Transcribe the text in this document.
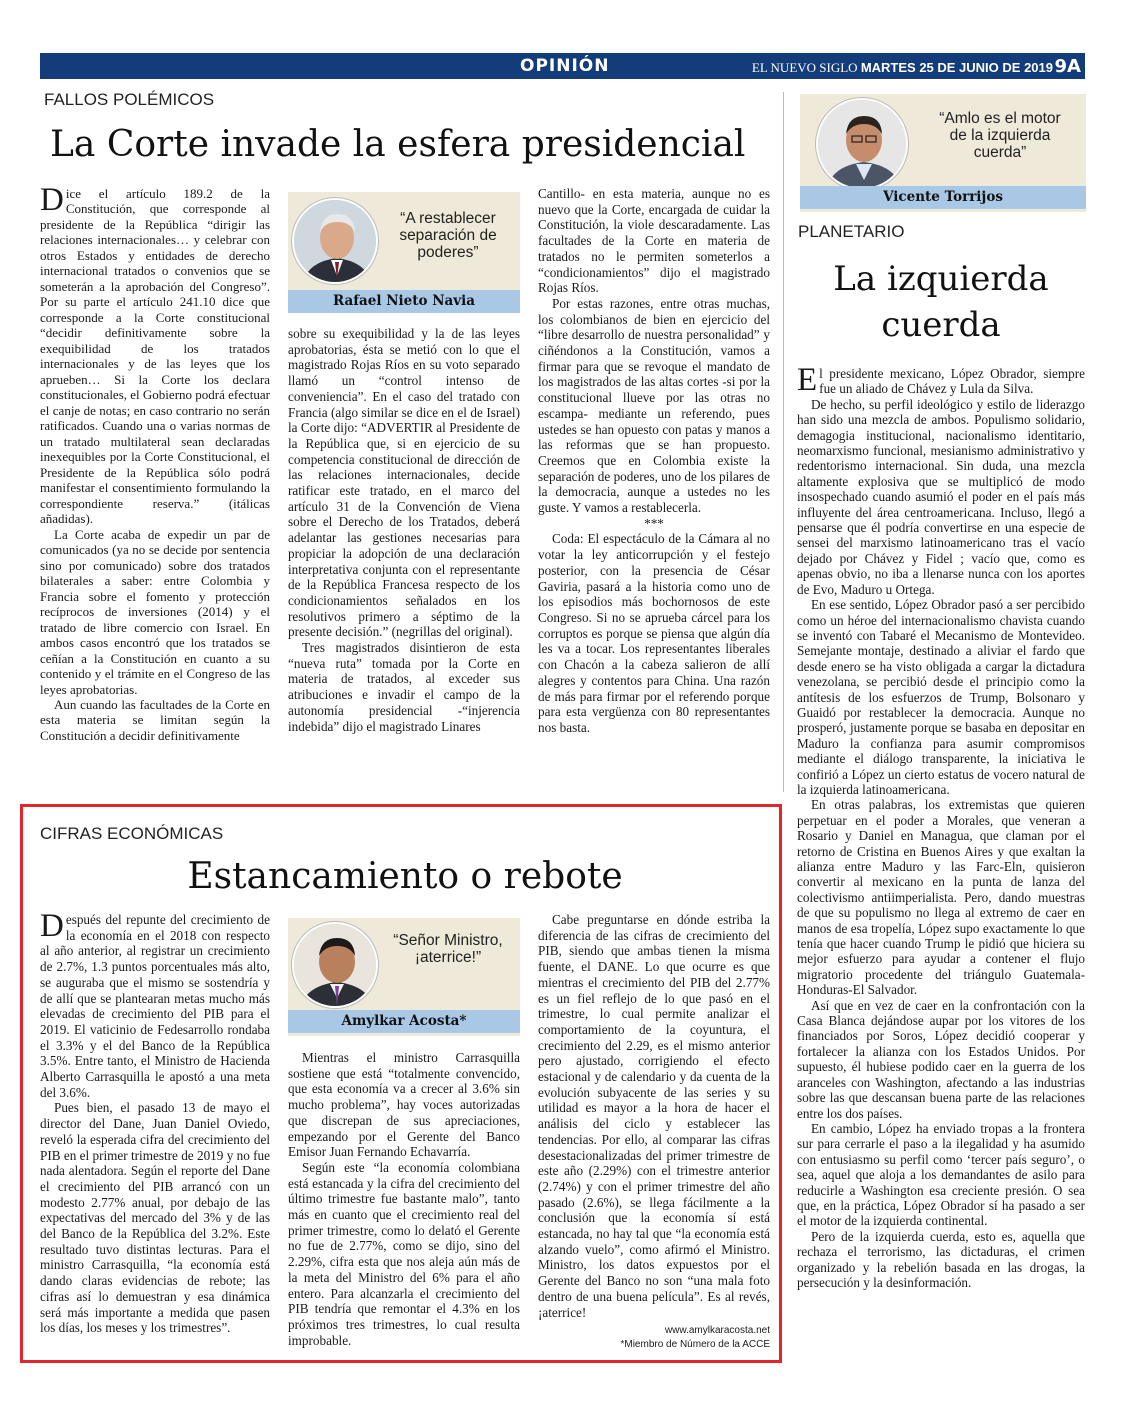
OPINIÓN	EL NUEVO SIGLO MARTES 25 DE JUNIO DE 2019 9A
FALLOS POLÉMICOS
La Corte invade la esfera presidencial

Dice el artículo 189.2 de la Constitución, que corresponde al presidente de la República “dirigir las relaciones internacionales… y celebrar con otros Estados y entidades de derecho internacional tratados o convenios que se someterán a la aprobación del Congreso”. Por su parte el artículo 241.10 dice que corresponde a la Corte constitucional “decidir definitivamente sobre la exequibilidad de los tratados internacionales y de las leyes que los aprueben… Si la Corte los declara constitucionales, el Gobierno podrá efectuar el canje de notas; en caso contrario no serán ratificados. Cuando una o varias normas de un tratado multilateral sean declaradas inexequibles por la Corte Constitucional, el Presidente de la República sólo podrá manifestar el consentimiento formulando la correspondiente reserva.” (itálicas añadidas).

La Corte acaba de expedir un par de comunicados (ya no se decide por sentencia sino por comunicado) sobre dos tratados bilaterales a saber: entre Colombia y Francia sobre el fomento y protección recíprocos de inversiones (2014) y el tratado de libre comercio con Israel. En ambos casos encontró que los tratados se ceñían a la Constitución en cuanto a su contenido y el trámite en el Congreso de las leyes aprobatorias.

Aun cuando las facultades de la Corte en esta materia se limitan según la Constitución a decidir definitivamente

“A restablecer separación de poderes”
Rafael Nieto Navia

sobre su exequibilidad y la de las leyes aprobatorias, ésta se metió con lo que el magistrado Rojas Ríos en su voto separado llamó un “control intenso de conveniencia”. En el caso del tratado con Francia (algo similar se dice en el de Israel) la Corte dijo: “ADVERTIR al Presidente de la República que, si en ejercicio de su competencia constitucional de dirección de las relaciones internacionales, decide ratificar este tratado, en el marco del artículo 31 de la Convención de Viena sobre el Derecho de los Tratados, deberá adelantar las gestiones necesarias para propiciar la adopción de una declaración interpretativa conjunta con el representante de la República Francesa respecto de los condicionamientos señalados en los resolutivos primero a séptimo de la presente decisión.” (negrillas del original).

Tres magistrados disintieron de esta “nueva ruta” tomada por la Corte en materia de tratados, al exceder sus atribuciones e invadir el campo de la autonomía presidencial -“injerencia indebida” dijo el magistrado Linares

Cantillo- en esta materia, aunque no es nuevo que la Corte, encargada de cuidar la Constitución, la viole descaradamente. Las facultades de la Corte en materia de tratados no le permiten someterlos a “condicionamientos” dijo el magistrado Rojas Ríos.

Por estas razones, entre otras muchas, los colombianos de bien en ejercicio del “libre desarrollo de nuestra personalidad” y ciñéndonos a la Constitución, vamos a firmar para que se revoque el mandato de los magistrados de las altas cortes -si por la constitucional llueve por las otras no escampa- mediante un referendo, pues ustedes se han opuesto con patas y manos a las reformas que se han propuesto. Creemos que en Colombia existe la separación de poderes, uno de los pilares de la democracia, aunque a ustedes no les guste. Y vamos a restablecerla.

***

Coda: El espectáculo de la Cámara al no votar la ley anticorrupción y el festejo posterior, con la presencia de César Gaviria, pasará a la historia como uno de los episodios más bochornosos de este Congreso. Si no se aprueba cárcel para los corruptos es porque se piensa que algún día les va a tocar. Los representantes liberales con Chacón a la cabeza salieron de allí alegres y contentos para China. Una razón de más para firmar por el referendo porque para esta vergüenza con 80 representantes nos basta.

“Amlo es el motor de la izquierda cuerda”
Vicente Torrijos
PLANETARIO
La izquierda cuerda

El presidente mexicano, López Obrador, siempre fue un aliado de Chávez y Lula da Silva.

De hecho, su perfil ideológico y estilo de liderazgo han sido una mezcla de ambos. Populismo solidario, demagogia institucional, nacionalismo identitario, neomarxismo funcional, mesianismo administrativo y redentorismo internacional. Sin duda, una mezcla altamente explosiva que se multiplicó de modo insospechado cuando asumió el poder en el país más influyente del área centroamericana. Incluso, llegó a pensarse que él podría convertirse en una especie de sensei del marxismo latinoamericano tras el vacío dejado por Chávez y Fidel ; vacío que, como es apenas obvio, no iba a llenarse nunca con los aportes de Evo, Maduro u Ortega.

En ese sentido, López Obrador pasó a ser percibido como un héroe del internacionalismo chavista cuando se inventó con Tabaré el Mecanismo de Montevideo. Semejante montaje, destinado a aliviar el fardo que desde enero se ha visto obligada a cargar la dictadura venezolana, se percibió desde el principio como la antítesis de los esfuerzos de Trump, Bolsonaro y Guaidó por restablecer la democracia. Aunque no prosperó, justamente porque se basaba en depositar en Maduro la confianza para asumir compromisos mediante el diálogo transparente, la iniciativa le confirió a López un cierto estatus de vocero natural de la izquierda latinoamericana.

En otras palabras, los extremistas que quieren perpetuar en el poder a Morales, que veneran a Rosario y Daniel en Managua, que claman por el retorno de Cristina en Buenos Aires y que exaltan la alianza entre Maduro y las Farc-Eln, quisieron convertir al mexicano en la punta de lanza del colectivismo antiimperialista. Pero, dando muestras de que su populismo no llega al extremo de caer en manos de esa tropelía, López supo exactamente lo que tenía que hacer cuando Trump le pidió que hiciera su mejor esfuerzo para ayudar a contener el flujo migratorio procedente del triángulo Guatemala-Honduras-El Salvador.

Así que en vez de caer en la confrontación con la Casa Blanca dejándose aupar por los vitores de los financiados por Soros, López decidió cooperar y fortalecer la alianza con los Estados Unidos. Por supuesto, él hubiese podido caer en la guerra de los aranceles con Washington, afectando a las industrias sobre las que descansan buena parte de las relaciones entre los dos países.

En cambio, López ha enviado tropas a la frontera sur para cerrarle el paso a la ilegalidad y ha asumido con entusiasmo su perfil como ‘tercer país seguro’, o sea, aquel que aloja a los demandantes de asilo para reducirle a Washington esa creciente presión. O sea que, en la práctica, López Obrador sí ha pasado a ser el motor de la izquierda continental.

Pero de la izquierda cuerda, esto es, aquella que rechaza el terrorismo, las dictaduras, el crimen organizado y la rebelión basada en las drogas, la persecución y la desinformación.

CIFRAS ECONÓMICAS
Estancamiento o rebote

Después del repunte del crecimiento de la economía en el 2018 con respecto al año anterior, al registrar un crecimiento de 2.7%, 1.3 puntos porcentuales más alto, se auguraba que el mismo se sostendría y de allí que se plantearan metas mucho más elevadas de crecimiento del PIB para el 2019. El vaticinio de Fedesarrollo rondaba el 3.3% y el del Banco de la República 3.5%. Entre tanto, el Ministro de Hacienda Alberto Carrasquilla le apostó a una meta del 3.6%.

Pues bien, el pasado 13 de mayo el director del Dane, Juan Daniel Oviedo, reveló la esperada cifra del crecimiento del PIB en el primer trimestre de 2019 y no fue nada alentadora. Según el reporte del Dane el crecimiento del PIB arrancó con un modesto 2.77% anual, por debajo de las expectativas del mercado del 3% y de las del Banco de la República del 3.2%. Este resultado tuvo distintas lecturas. Para el ministro Carrasquilla, “la economía está dando claras evidencias de rebote; las cifras así lo demuestran y esa dinámica será más importante a medida que pasen los días, los meses y los trimestres”.

“Señor Ministro, ¡aterrice!”
Amylkar Acosta*

Mientras el ministro Carrasquilla sostiene que está “totalmente convencido, que esta economía va a crecer al 3.6% sin mucho problema”, hay voces autorizadas que discrepan de sus apreciaciones, empezando por el Gerente del Banco Emisor Juan Fernando Echavarría.

Según este “la economía colombiana está estancada y la cifra del crecimiento del último trimestre fue bastante malo”, tanto más en cuanto que el crecimiento real del primer trimestre, como lo delató el Gerente no fue de 2.77%, como se dijo, sino del 2.29%, cifra esta que nos aleja aún más de la meta del Ministro del 6% para el año entero. Para alcanzarla el crecimiento del PIB tendría que remontar el 4.3% en los próximos tres trimestres, lo cual resulta improbable.

Cabe preguntarse en dónde estriba la diferencia de las cifras de crecimiento del PIB, siendo que ambas tienen la misma fuente, el DANE. Lo que ocurre es que mientras el crecimiento del PIB del 2.77% es un fiel reflejo de lo que pasó en el trimestre, lo cual permite analizar el comportamiento de la coyuntura, el crecimiento del 2.29, es el mismo anterior pero ajustado, corrigiendo el efecto estacional y de calendario y da cuenta de la evolución subyacente de las series y su utilidad es mayor a la hora de hacer el análisis del ciclo y establecer las tendencias. Por ello, al comparar las cifras desestacionalizadas del primer trimestre de este año (2.29%) con el trimestre anterior (2.74%) y con el primer trimestre del año pasado (2.6%), se llega fácilmente a la conclusión que la economía sí está estancada, no hay tal que “la economía está alzando vuelo”, como afirmó el Ministro. Ministro, los datos expuestos por el Gerente del Banco no son “una mala foto dentro de una buena película”. Es al revés, ¡aterrice!

www.amylkaracosta.net

*Miembro de Número de la ACCE
